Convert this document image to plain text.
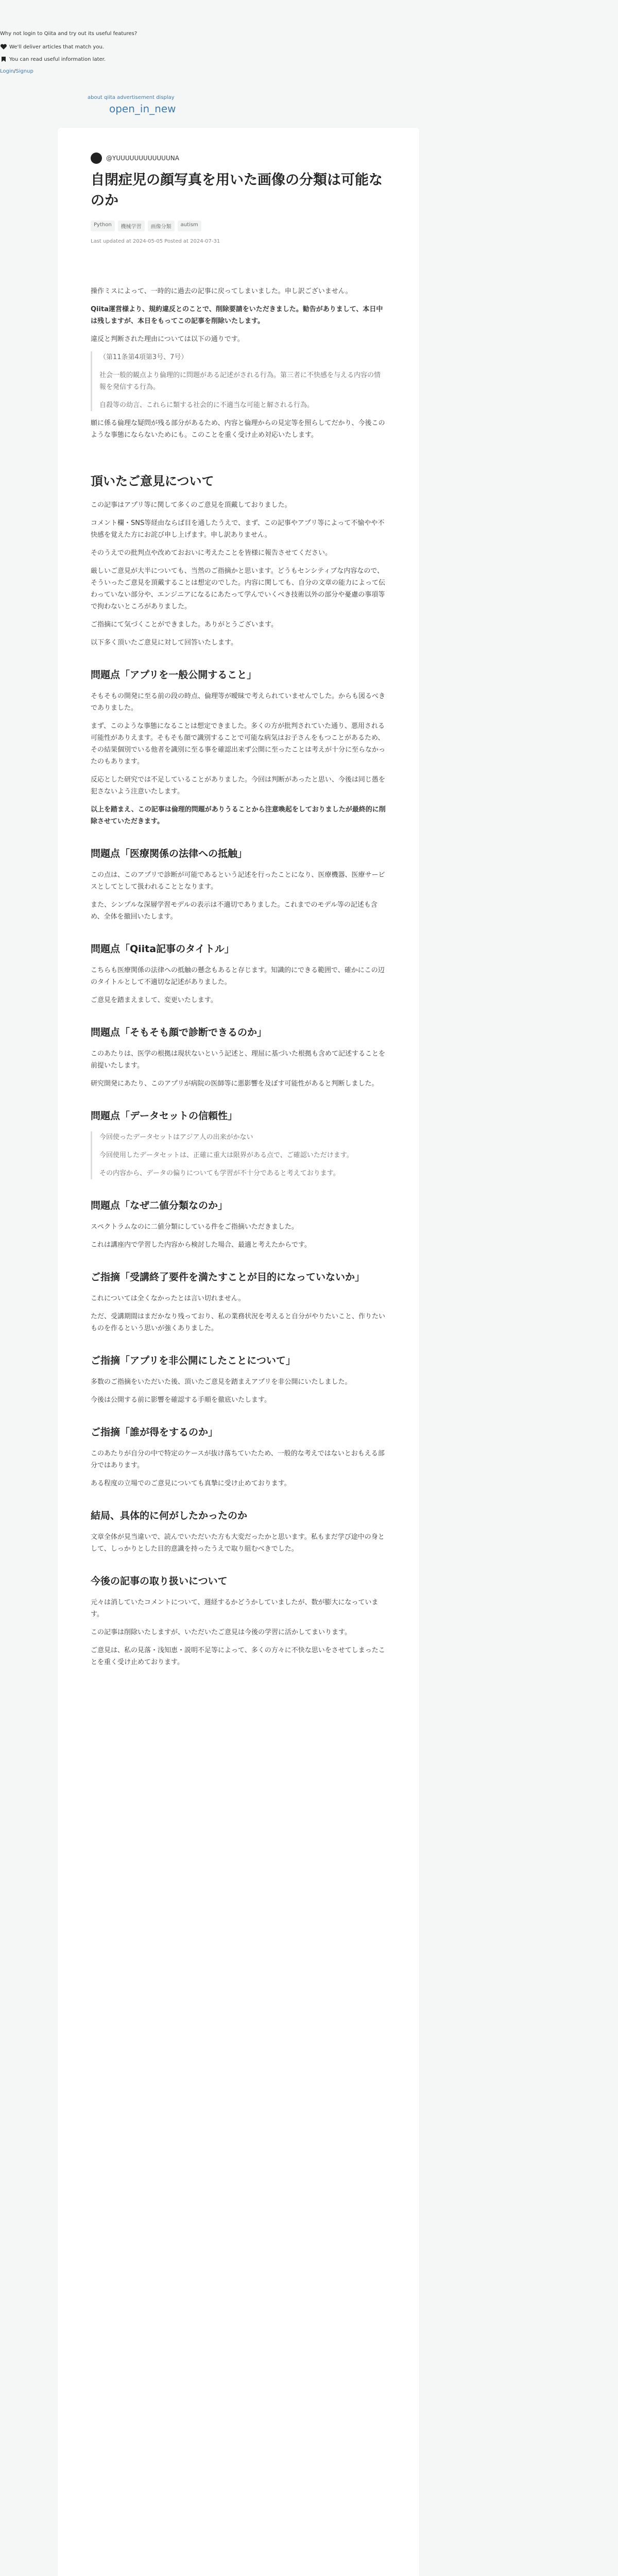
Why not login to Qiita and try out its useful features?
We'll deliver articles that match you.
You can read useful information later.
Login/Signup
about qiita advertisement display
open_in_new
@YUUUUUUUUUUUUNA
自閉症児の顔写真を用いた画像の分類は可能なのか
Python	機械学習	画像分類	autism
Last updated at 2024-05-05 Posted at 2024-07-31

操作ミスによって、一時的に過去の記事に戻ってしまいました。申し訳ございません。

Qiita運営様より、規約違反とのことで、削除要請をいただきました。勧告がありまして、本日中は残しますが、本日をもってこの記事を削除いたします。

違反と判断された理由については以下の通りです。

（第11条第4項第3号、7号）

社会一般的観点より倫理的に問題がある記述がされる行為。第三者に不快感を与える内容の情報を発信する行為。

自殺等の幼言、これらに類する社会的に不適当な可能と解される行為。

願に係る倫理な疑問が残る部分があるため、内容と倫理からの見定等を照らしてだかり、今後このような事態にならないためにも。このことを重く受け止め対応いたします。

頂いたご意見について

この記事はアプリ等に関して多くのご意見を頂戴しておりました。

コメント欄・SNS等経由ならば目を通したうえで、まず、この記事やアプリ等によって不愉やや不快感を覚えた方にお詫び申し上げます。申し訳ありません。

そのうえでの批判点や改めておおいに考えたことを皆様に報告させてください。

厳しいご意見が大半についても、当然のご指摘かと思います。どうもセンシティブな内容なので、そういったご意見を頂戴することは想定のでした。内容に関しても、自分の文章の能力によって伝わっていない部分や、エンジニアになるにあたって学んでいくべき技術以外の部分や憂慮の事項等で拘わないところがありました。

ご指摘にて気づくことができました。ありがとうございます。

以下多く頂いたご意見に対して回答いたします。

問題点「アプリを一般公開すること」

そもそもの開発に至る前の段の時点、倫理等が曖昧で考えられていませんでした。からも図るべきでありました。

まず、このような事態になることは想定できました。多くの方が批判されていた通り、悪用される可能性がありえます。そもそも顔で識別することで可能な病気はお子さんをもつことがあるため、その結果個別でいる他者を識別に至る事を確認出来ず公開に至ったことは考えが十分に至らなかったのもあります。

反応とした研究では不足していることがありました。今回は判断があったと思い、今後は同じ愚を犯さないよう注意いたします。

以上を踏まえ、この記事は倫理的問題がありうることから注意喚起をしておりましたが最終的に削除させていただきます。

問題点「医療関係の法律への抵触」

この点は、このアプリで診断が可能であるという記述を行ったことになり、医療機器、医療サービスとしてとして扱われることとなります。

また、シンプルな深層学習モデルの表示は不適切でありました。これまでのモデル等の記述も含め、全体を撤回いたします。

問題点「Qiita記事のタイトル」

こちらも医療関係の法律への抵触の懸念もあると存じます。知識的にできる範囲で、確かにこの辺のタイトルとして不適切な記述がありました。

ご意見を踏まえまして、変更いたします。

問題点「そもそも顔で診断できるのか」

このあたりは、医学の根拠は現状ないという記述と、理屈に基づいた根拠も含めて記述することを前提いたします。

研究開発にあたり、このアプリが病院の医師等に悪影響を及ぼす可能性があると判断しました。

問題点「データセットの信頼性」

今回使ったデータセットはアジア人の出来がかない

今回使用したデータセットは、正確に重大は限界がある点で、ご確認いただけます。

その内容から、データの偏りについても学習が不十分であると考えております。

問題点「なぜ二値分類なのか」

スペクトラムなのに二値分類にしている件をご指摘いただきました。

これは講座内で学習した内容から検討した場合、最適と考えたからです。

ご指摘「受講終了要件を満たすことが目的になっていないか」

これについては全くなかったとは言い切れません。

ただ、受講期間はまだかなり残っており、私の業務状況を考えると自分がやりたいこと、作りたいものを作るという思いが強くありました。

ご指摘「アプリを非公開にしたことについて」

多数のご指摘をいただいた後、頂いたご意見を踏まえアプリを非公開にいたしました。

今後は公開する前に影響を確認する手順を徹底いたします。

ご指摘「誰が得をするのか」

このあたりが自分の中で特定のケースが抜け落ちていたため、一般的な考えではないとおもえる部分ではあります。

ある程度の立場でのご意見についても真摯に受け止めております。

結局、具体的に何がしたかったのか

文章全体が見当違いで、読んでいただいた方も大変だったかと思います。私もまだ学び途中の身として、しっかりとした目的意識を持ったうえで取り組むべきでした。

今後の記事の取り扱いについて

元々は消していたコメントについて、週経するかどうかしていましたが、数が膨大になっています。

この記事は削除いたしますが、いただいたご意見は今後の学習に活かしてまいります。

ご意見は、私の見落・浅知恵・説明不足等によって、多くの方々に不快な思いをさせてしまったことを重く受け止めております。
